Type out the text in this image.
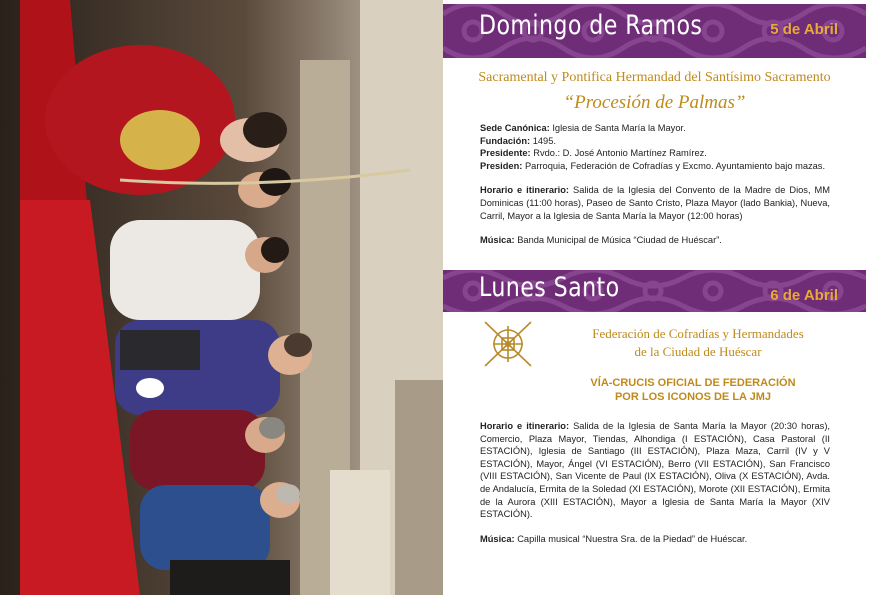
Domingo de Ramos	5 de Abril
Sacramental y Pontifica Hermandad del Santísimo Sacramento
“Procesión de Palmas”

Sede Canónica: Iglesia de Santa María la Mayor.

Fundación: 1495.

Presidente: Rvdo.: D. José Antonio Martínez Ramírez.

Presiden: Parroquia, Federación de Cofradías y Excmo. Ayuntamiento bajo mazas.

Horario e itinerario: Salida de la Iglesia del Convento de la Madre de Dios, MM Dominicas (11:00 horas), Paseo de Santo Cristo, Plaza Mayor (lado Bankia), Nueva, Carril, Mayor a la Iglesia de Santa María la Mayor (12:00 horas)

Música: Banda Municipal de Música “Ciudad de Huéscar”.

Lunes Santo	6 de Abril
Federación de Cofradías y Hermandades
de la Ciudad de Huéscar
VÍA-CRUCIS OFICIAL DE FEDERACIÓN
POR LOS ICONOS DE LA JMJ

Horario e itinerario: Salida de la Iglesia de Santa María la Mayor (20:30 horas), Comercio, Plaza Mayor, Tiendas, Alhondiga (I ESTACIÓN), Casa Pastoral (II ESTACIÓN), Iglesia de Santiago (III ESTACIÓN), Plaza Maza, Carril (IV y V ESTACIÓN), Mayor, Ángel (VI ESTACIÓN), Berro (VII ESTACIÓN), San Francisco (VIII ESTACIÓN), San Vicente de Paul (IX ESTACIÓN), Oliva (X ESTACIÓN), Avda. de Andalucía, Ermita de la Soledad (XI ESTACIÓN), Morote (XII ESTACIÓN), Ermita de la Aurora (XIII ESTACIÓN), Mayor a Iglesia de Santa María la Mayor (XIV ESTACIÓN).

Música: Capilla musical “Nuestra Sra. de la Piedad” de Huéscar.
